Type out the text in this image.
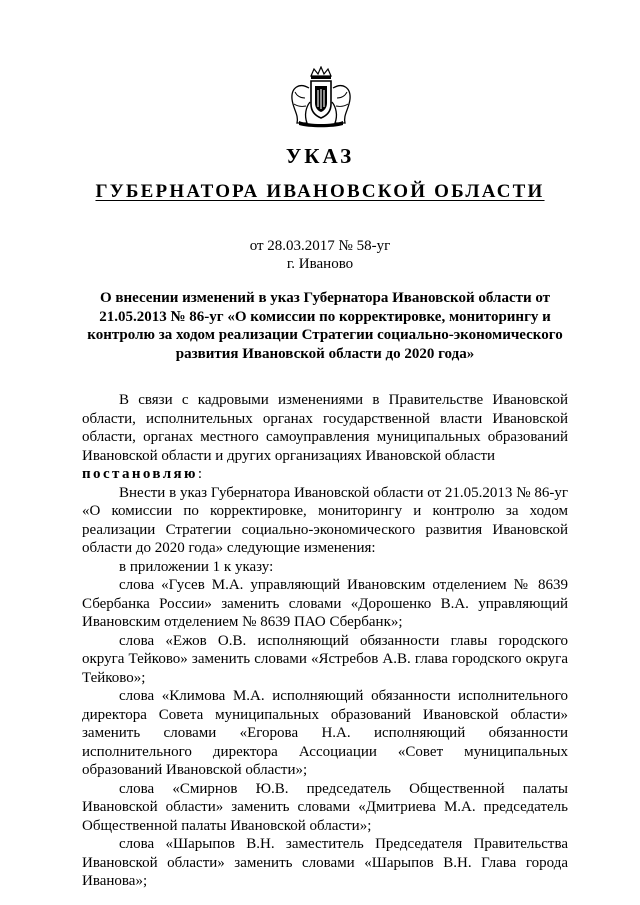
УКАЗ
ГУБЕРНАТОРА ИВАНОВСКОЙ ОБЛАСТИ
от 28.03.2017 № 58-уг
г. Иваново
О внесении изменений в указ Губернатора Ивановской области от 21.05.2013 № 86-уг «О комиссии по корректировке, мониторингу и контролю за ходом реализации Стратегии социально-экономического развития Ивановской области до 2020 года»

В связи с кадровыми изменениями в Правительстве Ивановской области, исполнительных органах государственной власти Ивановской области, органах местного самоуправления муниципальных образований Ивановской области и других организациях Ивановской области
постановляю:

Внести в указ Губернатора Ивановской области от 21.05.2013 № 86-уг «О комиссии по корректировке, мониторингу и контролю за ходом реализации Стратегии социально-экономического развития Ивановской области до 2020 года» следующие изменения:

в приложении 1 к указу:

слова «Гусев М.А. управляющий Ивановским отделением № 8639 Сбербанка России» заменить словами «Дорошенко В.А. управляющий Ивановским отделением № 8639 ПАО Сбербанк»;

слова «Ежов О.В. исполняющий обязанности главы городского округа Тейково» заменить словами «Ястребов А.В. глава городского округа Тейково»;

слова «Климова М.А. исполняющий обязанности исполнительного директора Совета муниципальных образований Ивановской области» заменить словами «Егорова Н.А. исполняющий обязанности исполнительного директора Ассоциации «Совет муниципальных образований Ивановской области»;

слова «Смирнов Ю.В. председатель Общественной палаты Ивановской области» заменить словами «Дмитриева М.А. председатель Общественной палаты Ивановской области»;

слова «Шарыпов В.Н. заместитель Председателя Правительства Ивановской области» заменить словами «Шарыпов В.Н. Глава города Иванова»;
